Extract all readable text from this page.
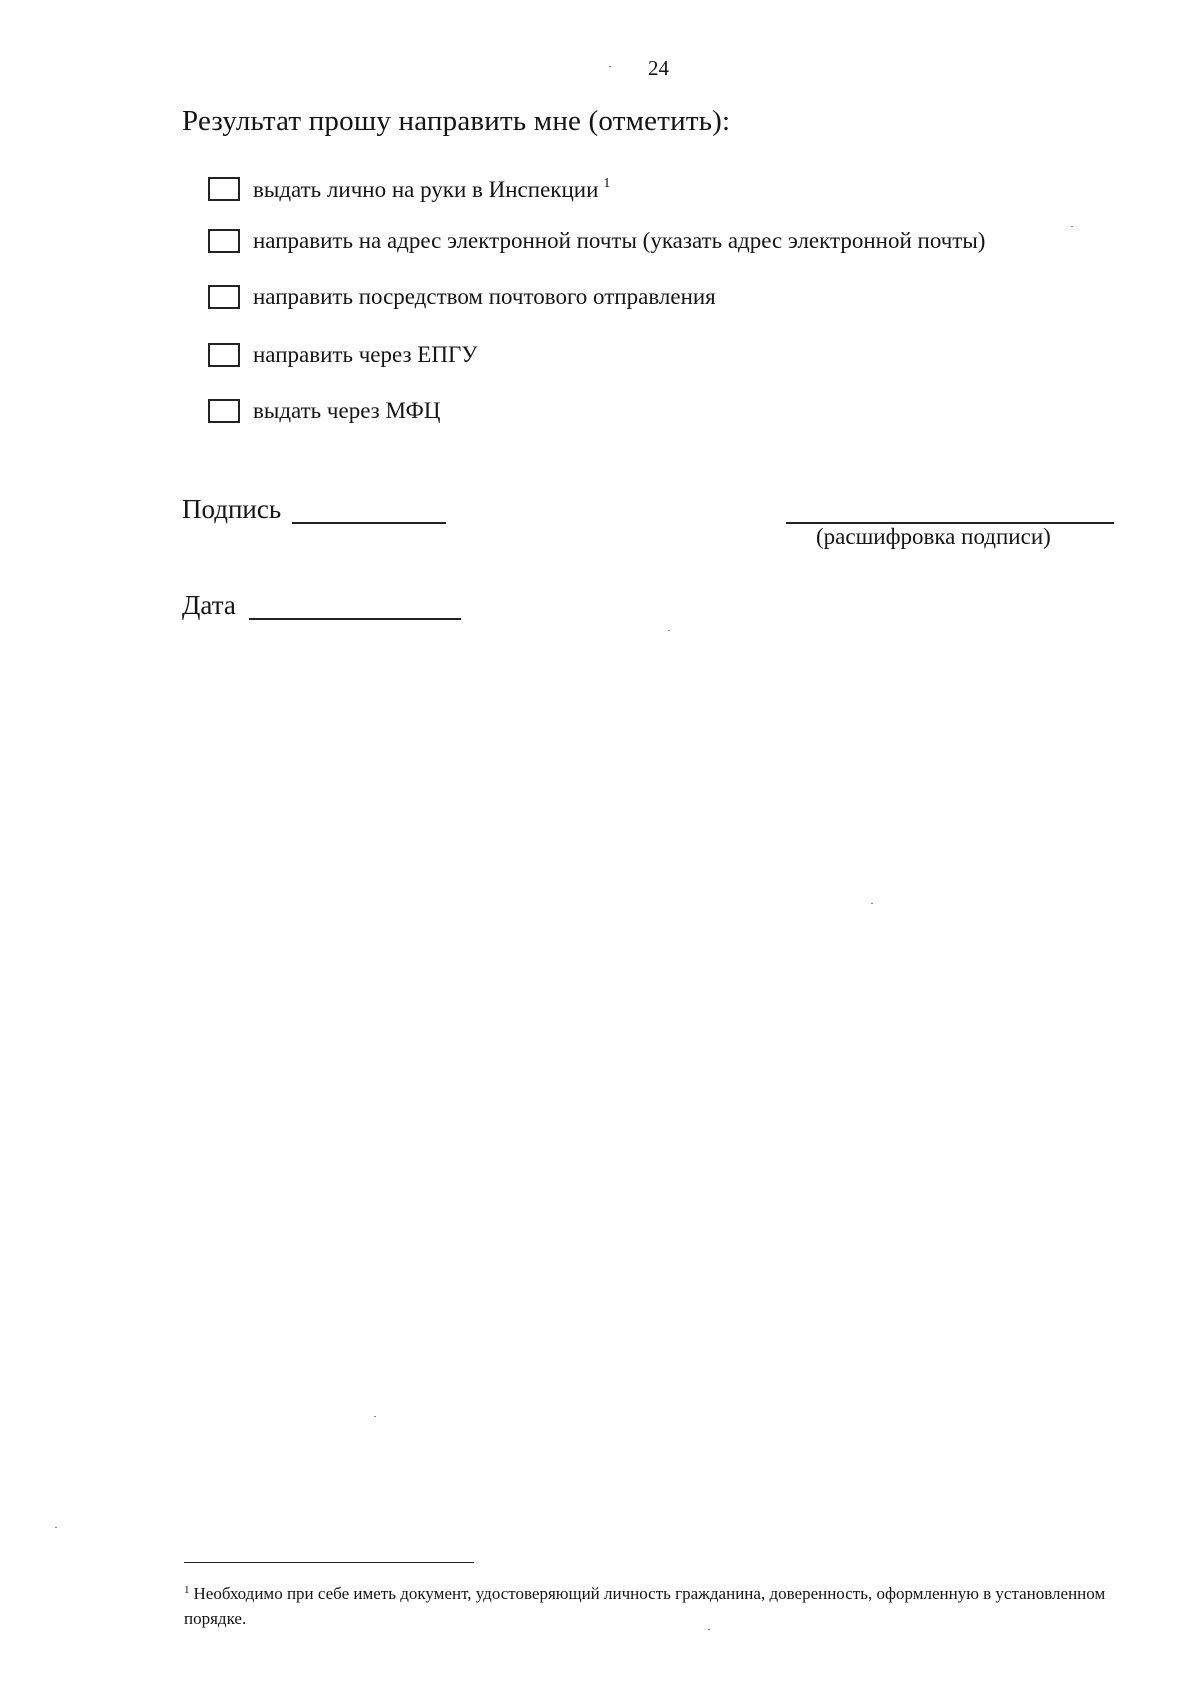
24
Результат прошу направить мне (отметить):
выдать лично на руки в Инспекции $^1$
направить на адрес электронной почты (указать адрес электронной почты)
направить посредством почтового отправления
направить через ЕПГУ
выдать через МФЦ
Подпись
(расшифровка подписи)
Дата
$^1$ Необходимо при себе иметь документ, удостоверяющий личность гражданина, доверенность, оформленную в установленном порядке.
